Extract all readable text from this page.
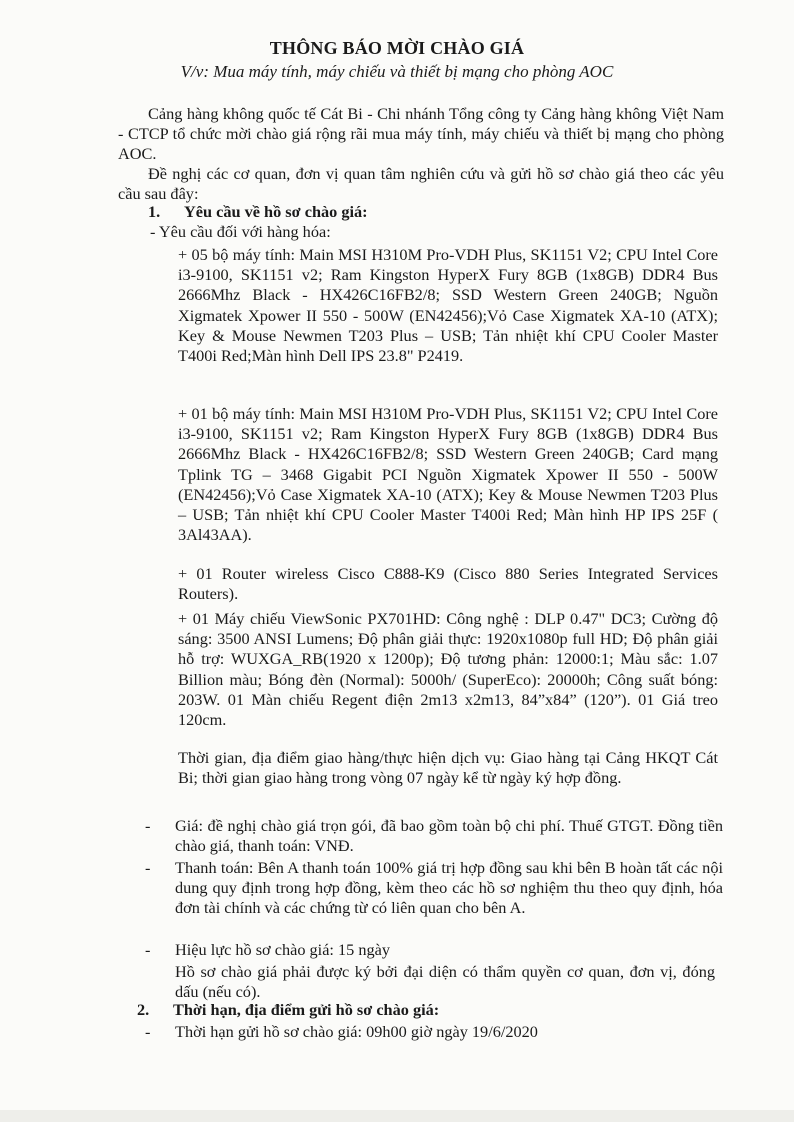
THÔNG BÁO MỜI CHÀO GIÁ
V/v: Mua máy tính, máy chiếu và thiết bị mạng cho phòng AOC

Cảng hàng không quốc tế Cát Bi - Chi nhánh Tổng công ty Cảng hàng không Việt Nam - CTCP tổ chức mời chào giá rộng rãi mua máy tính, máy chiếu và thiết bị mạng cho phòng AOC.

Đề nghị các cơ quan, đơn vị quan tâm nghiên cứu và gửi hồ sơ chào giá theo các yêu cầu sau đây:

1. Yêu cầu về hồ sơ chào giá:
- Yêu cầu đối với hàng hóa:

+ 05 bộ máy tính: Main MSI H310M Pro-VDH Plus, SK1151 V2; CPU Intel Core i3-9100, SK1151 v2; Ram Kingston HyperX Fury 8GB (1x8GB) DDR4 Bus 2666Mhz Black - HX426C16FB2/8; SSD Western Green 240GB; Nguồn Xigmatek Xpower II 550 - 500W (EN42456);Vỏ Case Xigmatek XA-10 (ATX); Key & Mouse Newmen T203 Plus – USB; Tản nhiệt khí CPU Cooler Master T400i Red;Màn hình Dell IPS 23.8" P2419.

+ 01 bộ máy tính: Main MSI H310M Pro-VDH Plus, SK1151 V2; CPU Intel Core i3-9100, SK1151 v2; Ram Kingston HyperX Fury 8GB (1x8GB) DDR4 Bus 2666Mhz Black - HX426C16FB2/8; SSD Western Green 240GB; Card mạng Tplink TG – 3468 Gigabit PCI Nguồn Xigmatek Xpower II 550 - 500W (EN42456);Vỏ Case Xigmatek XA-10 (ATX); Key & Mouse Newmen T203 Plus – USB; Tản nhiệt khí CPU Cooler Master T400i Red; Màn hình HP IPS 25F ( 3Al43AA).

+ 01 Router wireless Cisco C888-K9 (Cisco 880 Series Integrated Services Routers).

+ 01 Máy chiếu ViewSonic PX701HD: Công nghệ : DLP 0.47" DC3; Cường độ sáng: 3500 ANSI Lumens; Độ phân giải thực: 1920x1080p full HD; Độ phân giải hỗ trợ: WUXGA_RB(1920 x 1200p); Độ tương phản: 12000:1; Màu sắc: 1.07 Billion màu; Bóng đèn (Normal): 5000h/ (SuperEco): 20000h; Công suất bóng: 203W. 01 Màn chiếu Regent điện 2m13 x2m13, 84”x84” (120”). 01 Giá treo 120cm.

Thời gian, địa điểm giao hàng/thực hiện dịch vụ: Giao hàng tại Cảng HKQT Cát Bi; thời gian giao hàng trong vòng 07 ngày kể từ ngày ký hợp đồng.

- Giá: đề nghị chào giá trọn gói, đã bao gồm toàn bộ chi phí. Thuế GTGT. Đồng tiền chào giá, thanh toán: VNĐ.

- Thanh toán: Bên A thanh toán 100% giá trị hợp đồng sau khi bên B hoàn tất các nội dung quy định trong hợp đồng, kèm theo các hồ sơ nghiệm thu theo quy định, hóa đơn tài chính và các chứng từ có liên quan cho bên A.

- Hiệu lực hồ sơ chào giá: 15 ngày

Hồ sơ chào giá phải được ký bởi đại diện có thẩm quyền cơ quan, đơn vị, đóng dấu (nếu có).

2. Thời hạn, địa điểm gửi hồ sơ chào giá:
- Thời hạn gửi hồ sơ chào giá: 09h00 giờ ngày 19/6/2020
